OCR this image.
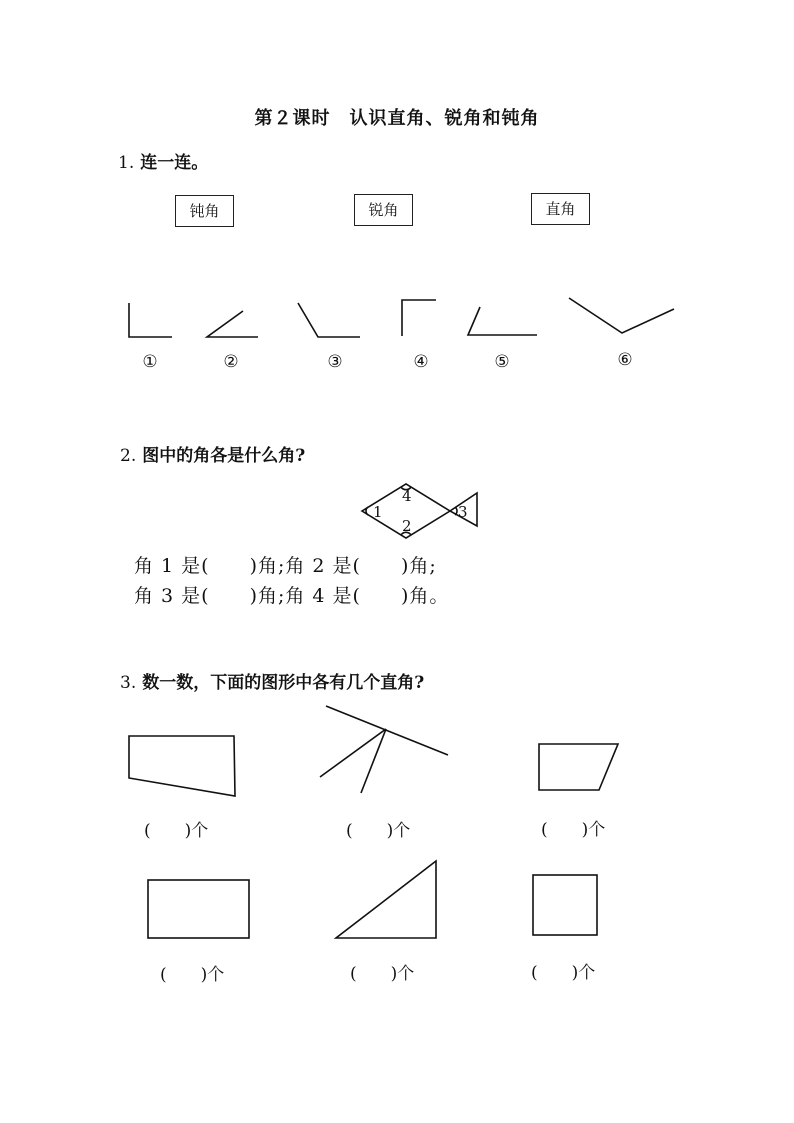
第２课时　认识直角、锐角和钝角
1. 连一连。
钝角	锐角	直角
1
2
3
4
①	②	③	④	⑤	⑥
2. 图中的角各是什么角?
角 1 是(　　)角;角 2 是(　　)角;
角 3 是(　　)角;角 4 是(　　)角。
3. 数一数，下面的图形中各有几个直角?
(　　)个	(　　)个	(　　)个
(　　)个	(　　)个	(　　)个
